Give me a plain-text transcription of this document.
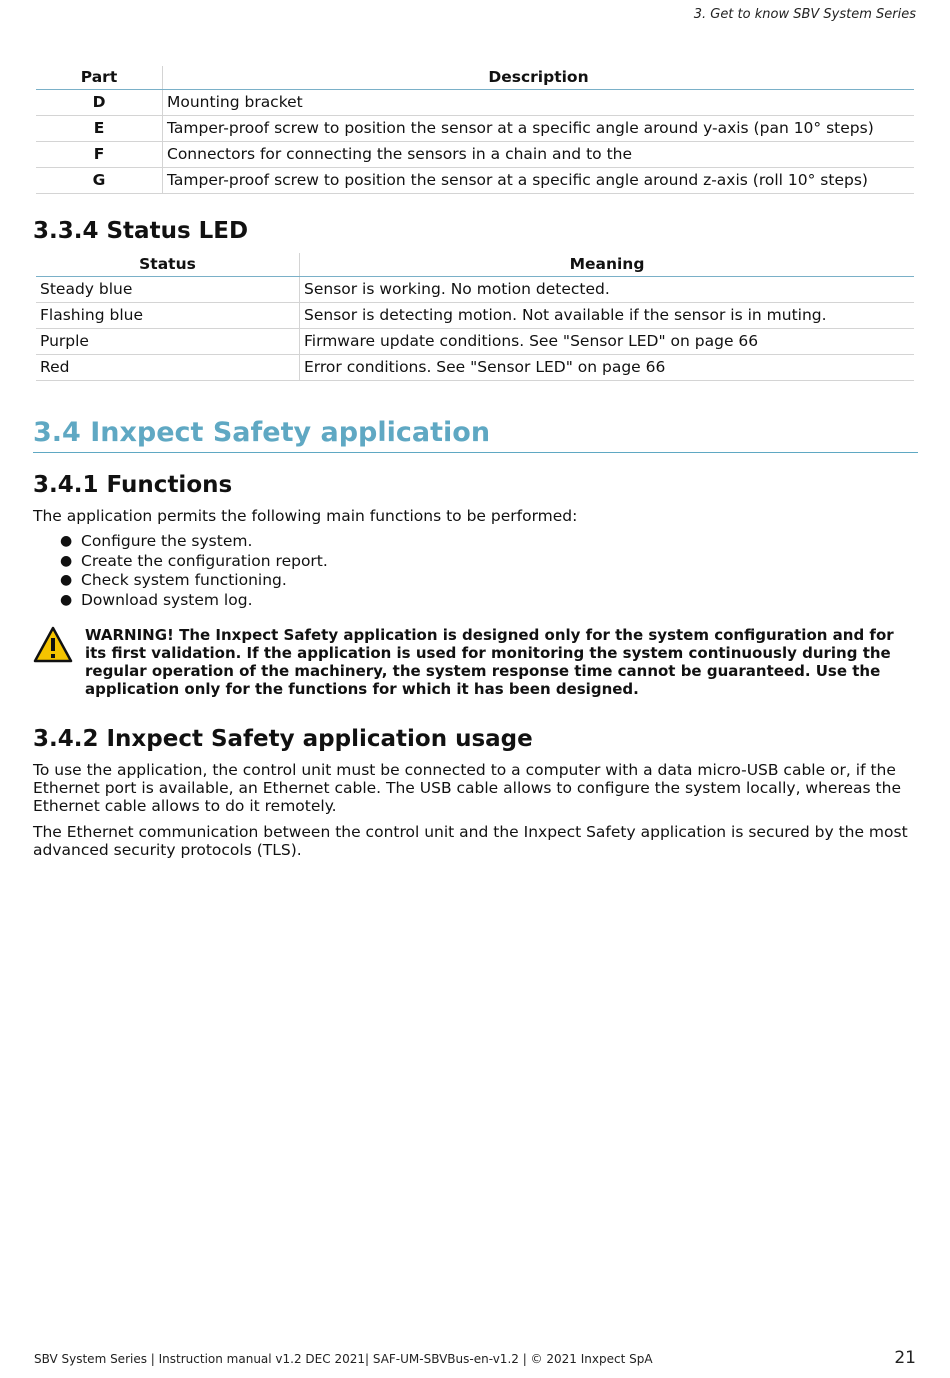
3. Get to know SBV System Series
Part	Description
D	Mounting bracket
E	Tamper-proof screw to position the sensor at a specific angle around y-axis (pan 10° steps)
F	Connectors for connecting the sensors in a chain and to the
G	Tamper-proof screw to position the sensor at a specific angle around z-axis (roll 10° steps)
3.3.4 Status LED
Status	Meaning
Steady blue	Sensor is working. No motion detected.
Flashing blue	Sensor is detecting motion. Not available if the sensor is in muting.
Purple	Firmware update conditions. See "Sensor LED" on page 66
Red	Error conditions. See "Sensor LED" on page 66
3.4 Inxpect Safety application
3.4.1 Functions

The application permits the following main functions to be performed:

● Configure the system.
● Create the configuration report.
● Check system functioning.
● Download system log.
WARNING! The Inxpect Safety application is designed only for the system configuration and for its first validation. If the application is used for monitoring the system continuously during the regular operation of the machinery, the system response time cannot be guaranteed. Use the application only for the functions for which it has been designed.
3.4.2 Inxpect Safety application usage

To use the application, the control unit must be connected to a computer with a data micro-USB cable or, if the Ethernet port is available, an Ethernet cable. The USB cable allows to configure the system locally, whereas the Ethernet cable allows to do it remotely.

The Ethernet communication between the control unit and the Inxpect Safety application is secured by the most advanced security protocols (TLS).

SBV System Series | Instruction manual v1.2 DEC 2021| SAF-UM-SBVBus-en-v1.2 | © 2021 Inxpect SpA	21
